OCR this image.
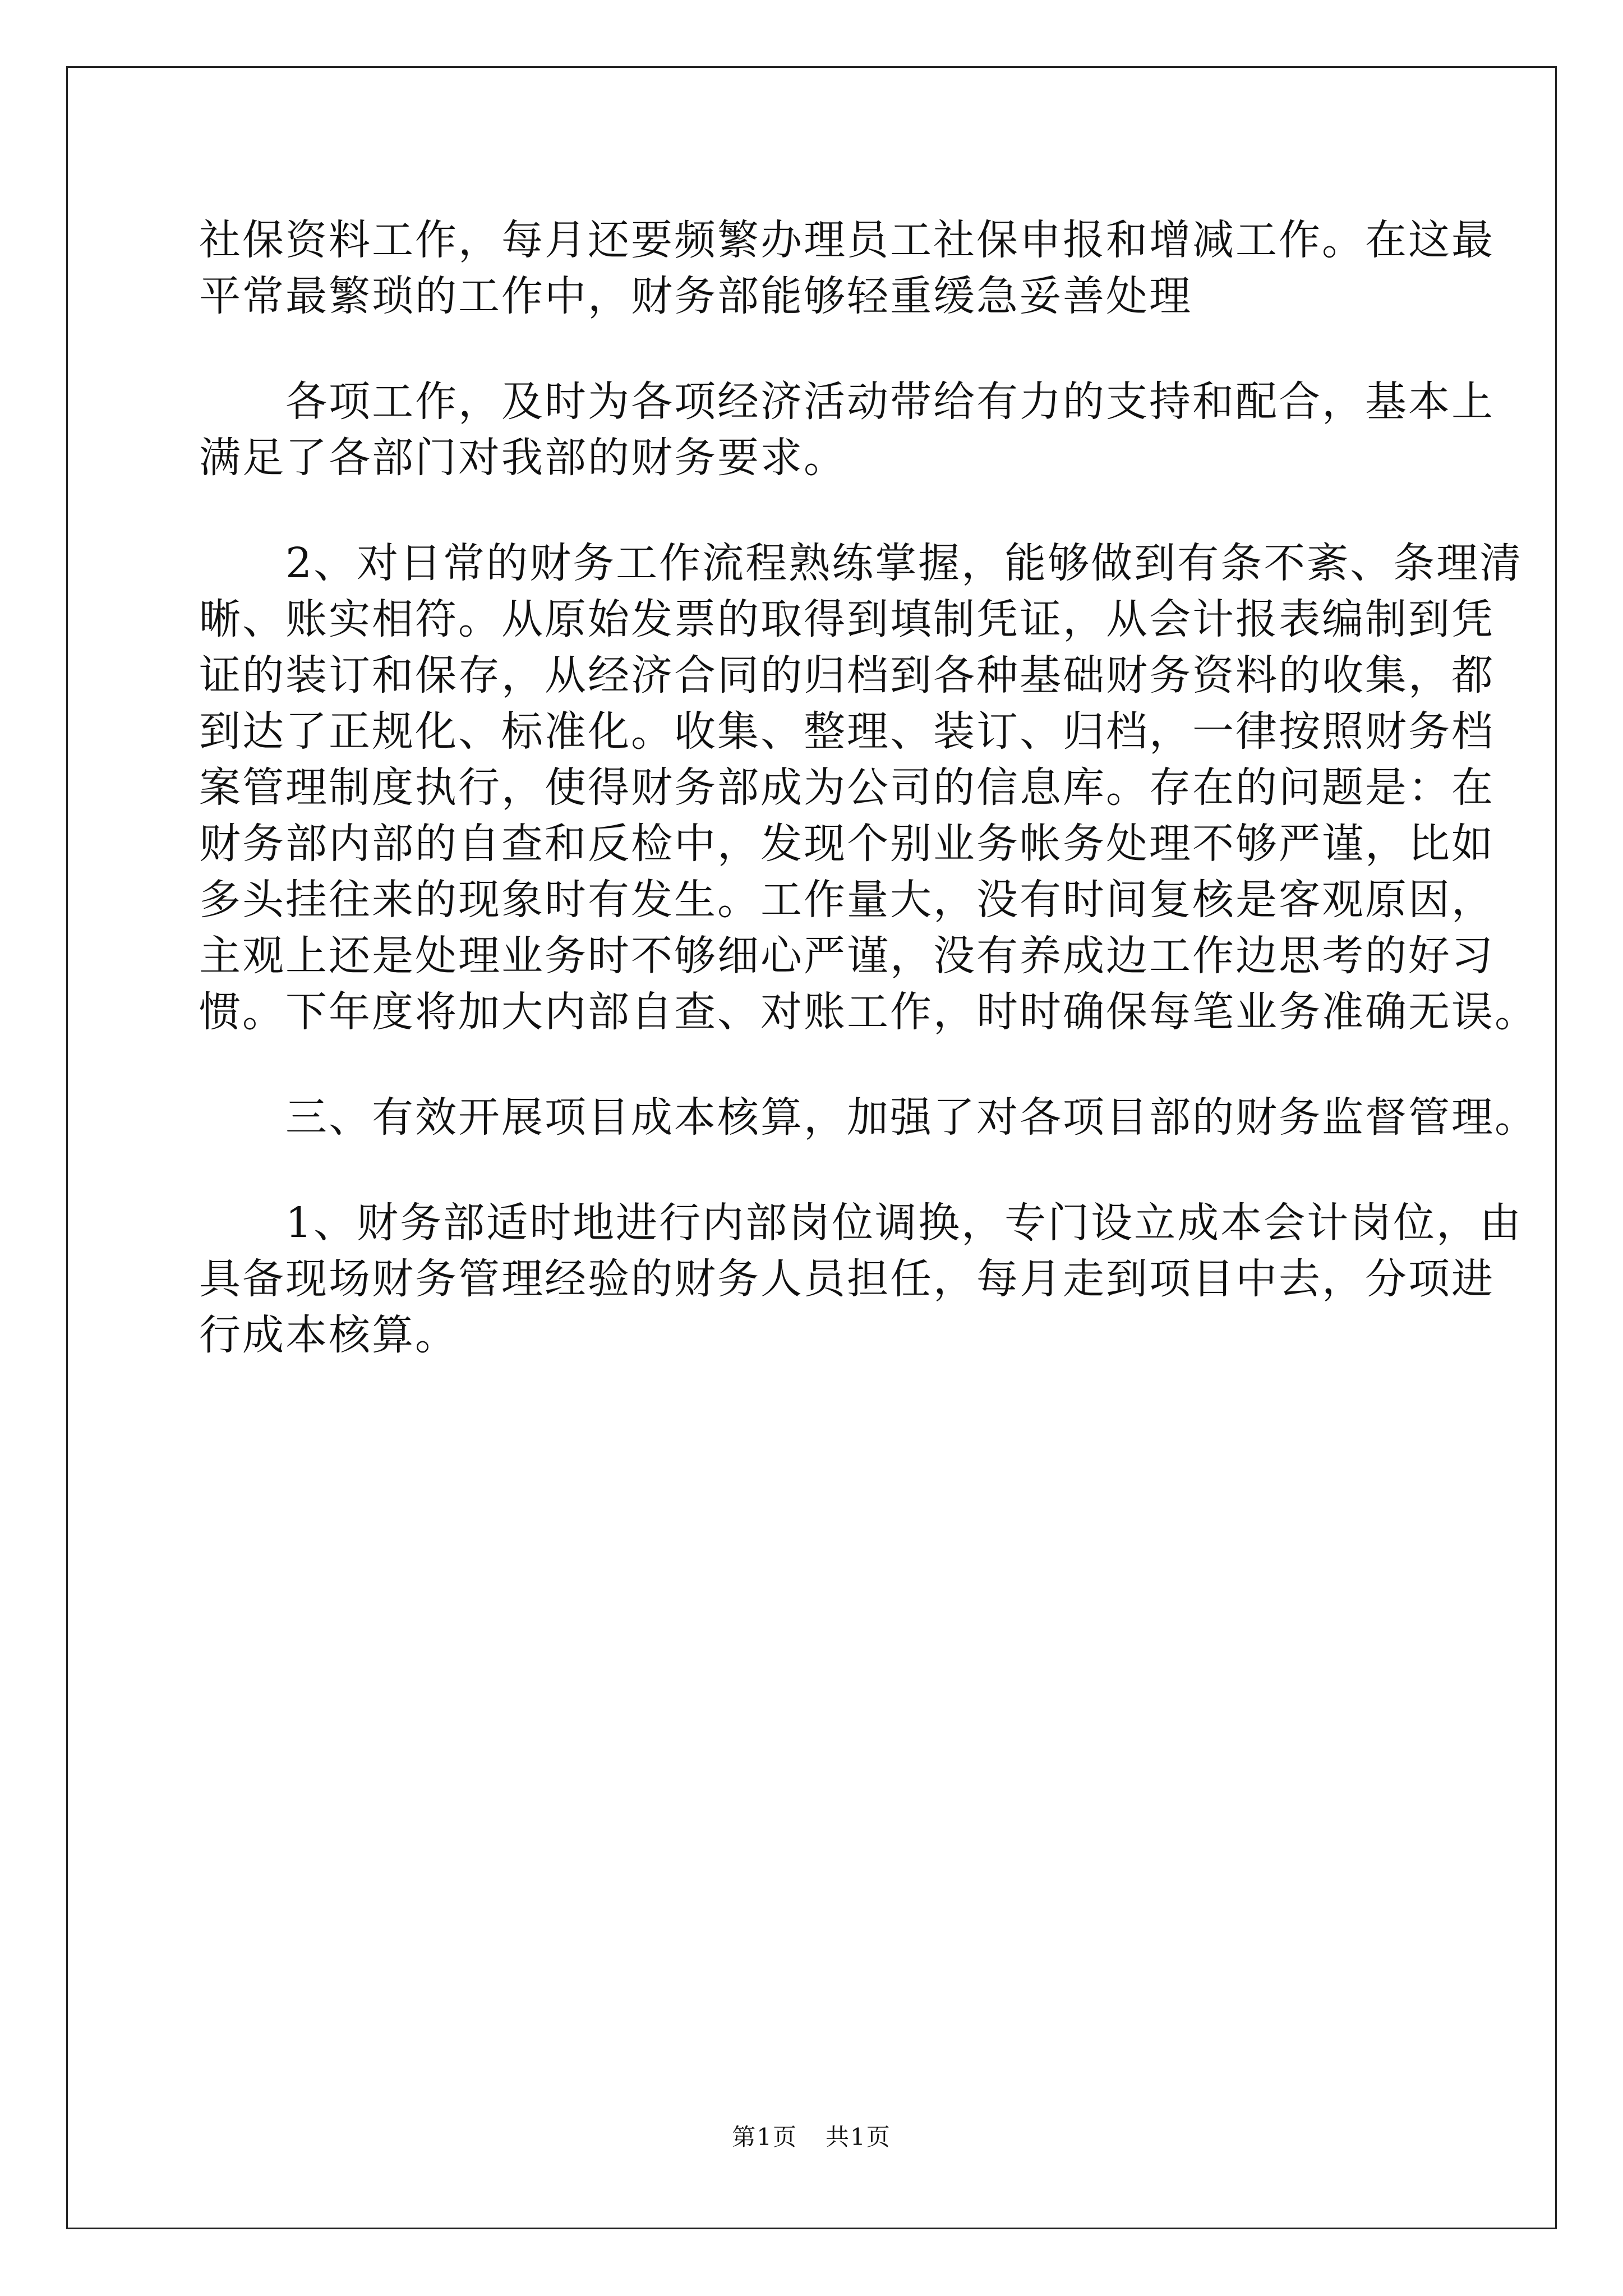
社保资料工作，每月还要频繁办理员工社保申报和增减工作。在这最
平常最繁琐的工作中，财务部能够轻重缓急妥善处理
　　各项工作，及时为各项经济活动带给有力的支持和配合，基本上
满足了各部门对我部的财务要求。
　　2、对日常的财务工作流程熟练掌握，能够做到有条不紊、条理清
晰、账实相符。从原始发票的取得到填制凭证，从会计报表编制到凭
证的装订和保存，从经济合同的归档到各种基础财务资料的收集，都
到达了正规化、标准化。收集、整理、装订、归档，一律按照财务档
案管理制度执行，使得财务部成为公司的信息库。存在的问题是：在
财务部内部的自查和反检中，发现个别业务帐务处理不够严谨，比如
多头挂往来的现象时有发生。工作量大，没有时间复核是客观原因，
主观上还是处理业务时不够细心严谨，没有养成边工作边思考的好习
惯。下年度将加大内部自查、对账工作，时时确保每笔业务准确无误。
　　三、有效开展项目成本核算，加强了对各项目部的财务监督管理。
　　1、财务部适时地进行内部岗位调换，专门设立成本会计岗位，由
具备现场财务管理经验的财务人员担任，每月走到项目中去，分项进
行成本核算。
第1页 共1页
